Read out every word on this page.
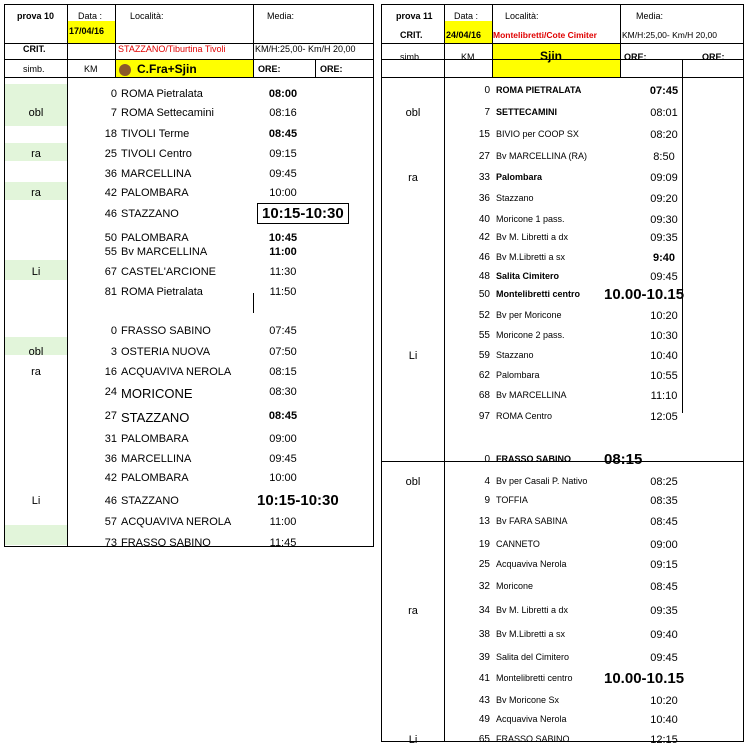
prova 10	Data :	Località:	Media:
CRIT.
17/04/16
STAZZANO/Tiburtina Tivoli	KM/H:25,00- Km/H 20,00
simb.	KM	C.Fra+Sjin	ORE:	ORE:
0 ROMA Pietralata	08:00
obl	7 ROMA Settecamini	08:16
18 TIVOLI Terme	08:45
ra	25 TIVOLI Centro	09:15
36 MARCELLINA	09:45
ra	42 PALOMBARA	10:00
46 STAZZANO	10:15-10:30
50 PALOMBARA	10:45
55 Bv MARCELLINA	11:00
Li	67 CASTEL'ARCIONE	11:30
81 ROMA Pietralata	11:50
0 FRASSO SABINO	07:45
obl	3 OSTERIA NUOVA	07:50
ra	16 ACQUAVIVA NEROLA	08:15
24 MORICONE	08:30
27 STAZZANO	08:45
31 PALOMBARA	09:00
36 MARCELLINA	09:45
42 PALOMBARA	10:00
Li	46 STAZZANO	10:15-10:30
57 ACQUAVIVA NEROLA	11:00
73 FRASSO SABINO	11:45
prova 11 Data :	Località:	Media:
CRIT.	24/04/16 Montelibretti/Cote Cimiter	KM/H:25,00- Km/H 20,00
simb.	KM	Sjin	ORE:	ORE:
0 ROMA PIETRALATA	07:45
obl	7 SETTECAMINI	08:01
15 BIVIO per COOP SX	08:20
27 Bv MARCELLINA (RA)	8:50
ra	33 Palombara	09:09
36 Stazzano	09:20
40 Moricone 1 pass.	09:30
42 Bv M. Libretti a dx	09:35
46 Bv M.Libretti a sx	9:40
48 Salita Cimitero	09:45
50 Montelibretti centro 10.00-10.15
52 Bv per Moricone	10:20
55 Moricone 2 pass.	10:30
Li	59 Stazzano	10:40
62 Palombara	10:55
68 Bv MARCELLINA	11:10
97 ROMA Centro	12:05
0 FRASSO SABINO 08:15
obl	4 Bv per Casali P. Nativo	08:25
9 TOFFIA	08:35
13 Bv FARA SABINA	08:45
19 CANNETO	09:00
25 Acquaviva Nerola	09:15
32 Moricone	08:45
ra	34 Bv M. Libretti a dx	09:35
38 Bv M.Libretti a sx	09:40
39 Salita del Cimitero	09:45
41 Montelibretti centro 10.00-10.15
43 Bv Moricone Sx	10:20
49 Acquaviva Nerola	10:40
Li	65 FRASSO SABINO	12:15
